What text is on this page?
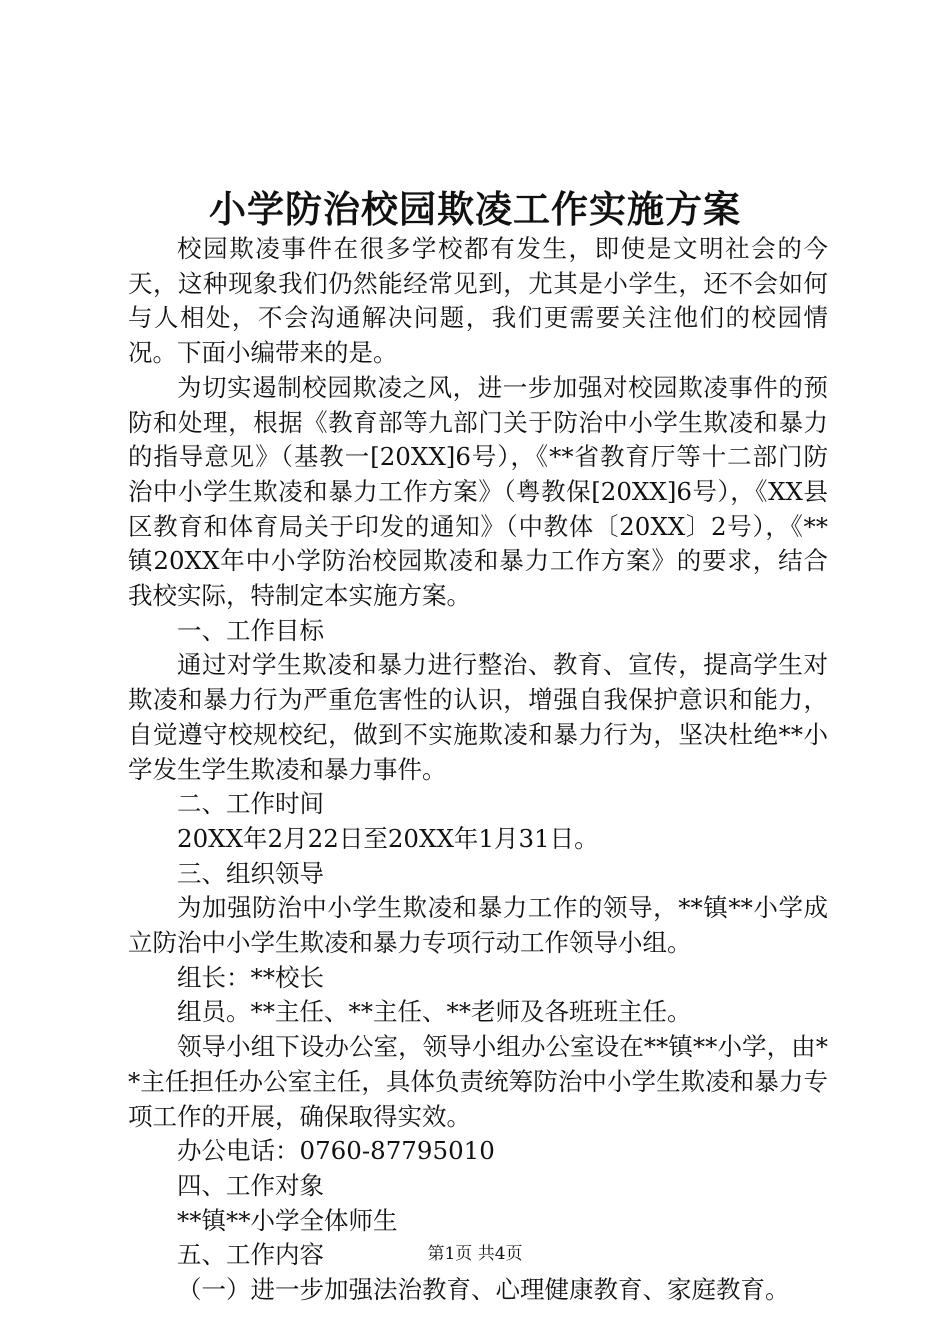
小学防治校园欺凌工作实施方案

校园欺凌事件在很多学校都有发生，即使是文明社会的今天，这种现象我们仍然能经常见到，尤其是小学生，还不会如何与人相处，不会沟通解决问题，我们更需要关注他们的校园情况。下面小编带来的是。

为切实遏制校园欺凌之风，进一步加强对校园欺凌事件的预防和处理，根据《教育部等九部门关于防治中小学生欺凌和暴力的指导意见》（基教一[20XX]6号），《**省教育厅等十二部门防治中小学生欺凌和暴力工作方案》（粤教保[20XX]6号），《XX县区教育和体育局关于印发的通知》（中教体〔20XX〕2号），《**镇20XX年中小学防治校园欺凌和暴力工作方案》的要求，结合我校实际，特制定本实施方案。

一、工作目标

通过对学生欺凌和暴力进行整治、教育、宣传，提高学生对欺凌和暴力行为严重危害性的认识，增强自我保护意识和能力，自觉遵守校规校纪，做到不实施欺凌和暴力行为，坚决杜绝**小学发生学生欺凌和暴力事件。

二、工作时间

20XX年2月22日至20XX年1月31日。

三、组织领导

为加强防治中小学生欺凌和暴力工作的领导，**镇**小学成立防治中小学生欺凌和暴力专项行动工作领导小组。

组长：**校长

组员。**主任、**主任、**老师及各班班主任。

领导小组下设办公室，领导小组办公室设在**镇**小学，由**主任担任办公室主任，具体负责统筹防治中小学生欺凌和暴力专项工作的开展，确保取得实效。

办公电话：0760-87795010

四、工作对象

**镇**小学全体师生

五、工作内容

（一）进一步加强法治教育、心理健康教育、家庭教育。

第1页 共4页
